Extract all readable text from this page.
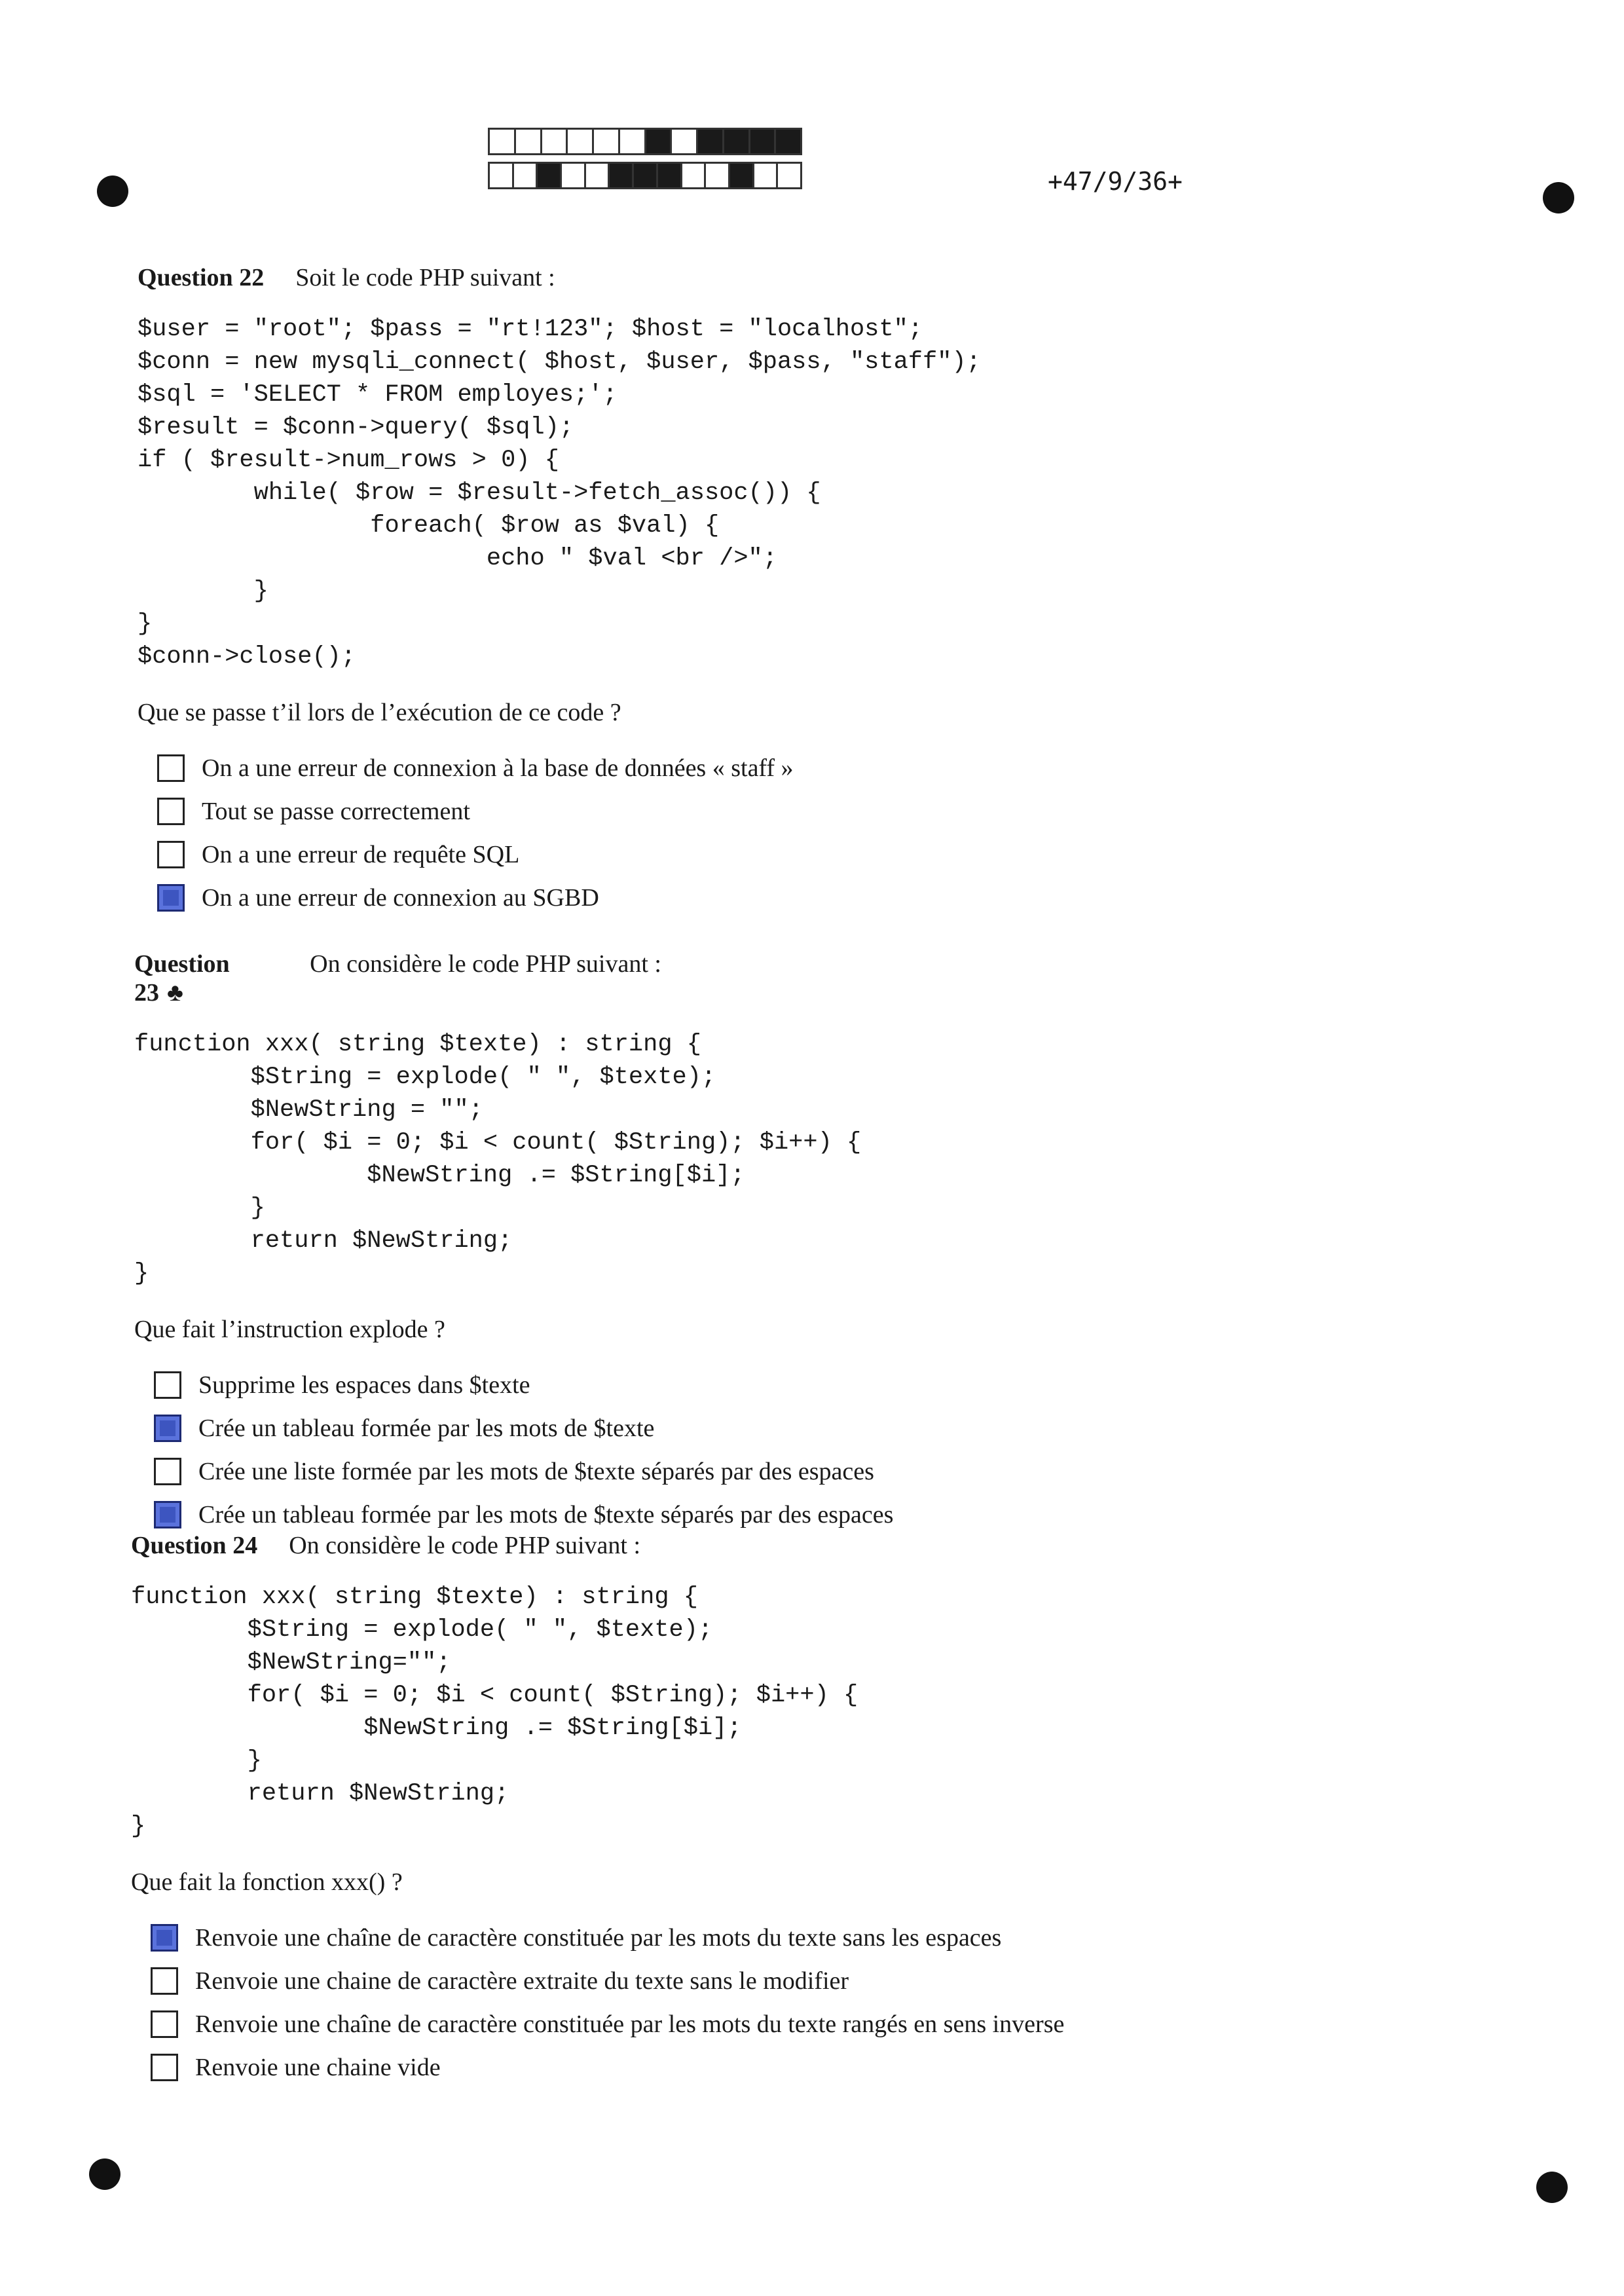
+47/9/36+
Question 22 Soit le code PHP suivant :
$user = "root"; $pass = "rt!123"; $host = "localhost";
$conn = new mysqli_connect( $host, $user, $pass, "staff");
$sql = 'SELECT * FROM employes;';
$result = $conn->query( $sql);
if ( $result->num_rows > 0) {
while( $row = $result->fetch_assoc()) {
foreach( $row as $val) {
echo " $val <br />";
}
}
$conn->close();
Que se passe t’il lors de l’exécution de ce code ?
On a une erreur de connexion à la base de données « staff »
Tout se passe correctement
On a une erreur de requête SQL
On a une erreur de connexion au SGBD
Question 23 ♣
On considère le code PHP suivant :
function xxx( string $texte) : string {
$String = explode( " ", $texte);
$NewString = "";
for( $i = 0; $i < count( $String); $i++) {
$NewString .= $String[$i];
}
return $NewString;
}
Que fait l’instruction explode ?
Supprime les espaces dans $texte
Crée un tableau formée par les mots de $texte
Crée une liste formée par les mots de $texte séparés par des espaces
Crée un tableau formée par les mots de $texte séparés par des espaces
Question 24 On considère le code PHP suivant :
function xxx( string $texte) : string {
$String = explode( " ", $texte);
$NewString="";
for( $i = 0; $i < count( $String); $i++) {
$NewString .= $String[$i];
}
return $NewString;
}
Que fait la fonction xxx() ?
Renvoie une chaîne de caractère constituée par les mots du texte sans les espaces
Renvoie une chaine de caractère extraite du texte sans le modifier
Renvoie une chaîne de caractère constituée par les mots du texte rangés en sens inverse
Renvoie une chaine vide
